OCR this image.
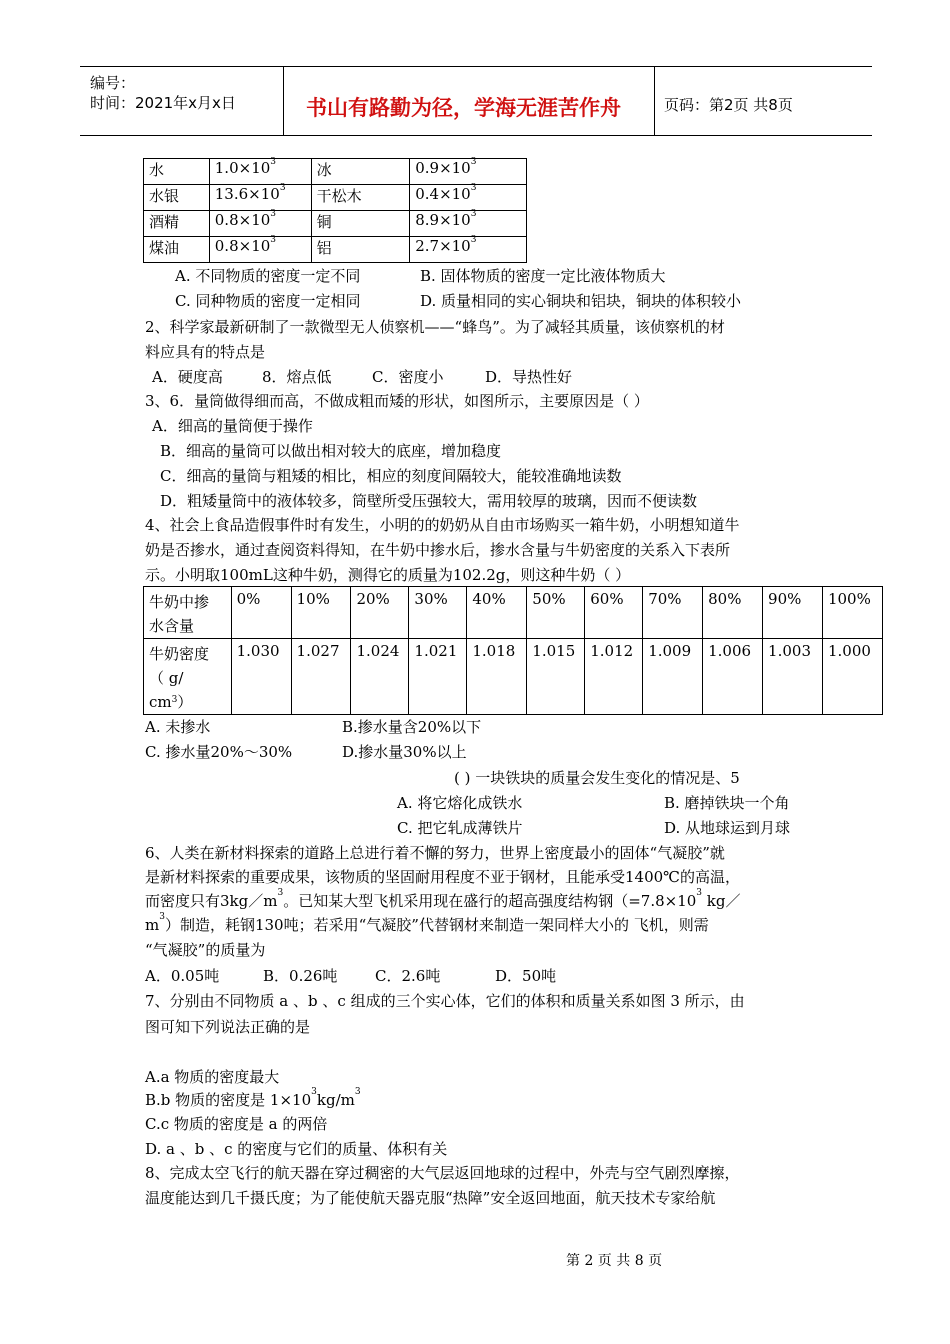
编号：
时间：2021年x月x日	书山有路勤为径，学海无涯苦作舟	页码：第2页 共8页
水	$1.0\times 10^3$	冰	$0.9\times 10^3$
水银	$13.6\times 10^3$	干松木	$0.4\times 10^3$
酒精	$0.8\times 10^3$	铜	$8.9\times 10^3$
煤油	$0.8\times 10^3$	铝	$2.7\times 10^3$
A. 不同物质的密度一定不同	B. 固体物质的密度一定比液体物质大
C. 同种物质的密度一定相同	D. 质量相同的实心铜块和铝块，铜块的体积较小
2、科学家最新研制了一款微型无人侦察机——“蜂鸟”。为了减轻其质量，该侦察机的材
料应具有的特点是
A．硬度高	8．熔点低	C．密度小	D．导热性好
3、6．量筒做得细而高，不做成粗而矮的形状，如图所示，主要原因是（ ）
A．细高的量筒便于操作
B．细高的量筒可以做出相对较大的底座，增加稳度
C．细高的量筒与粗矮的相比，相应的刻度间隔较大，能较准确地读数
D．粗矮量筒中的液体较多，筒壁所受压强较大，需用较厚的玻璃，因而不便读数
4、社会上食品造假事件时有发生，小明的的奶奶从自由市场购买一箱牛奶，小明想知道牛
奶是否掺水，通过查阅资料得知，在牛奶中掺水后，掺水含量与牛奶密度的关系入下表所
示。小明取100mL这种牛奶，测得它的质量为102.2g，则这种牛奶（ ）
牛奶中掺
水含量	0%	10%	20%	30%	40%	50%	60%	70%	80%	90%	100%

牛奶密度
（ g/
$cm^3$）	1.030	1.027	1.024	1.021	1.018	1.015	1.012	1.009	1.006	1.003	1.000
A. 未掺水	B.掺水量含20%以下
C. 掺水量20%～30%	D.掺水量30%以上
( ) 一块铁块的质量会发生变化的情况是、5
A. 将它熔化成铁水	B. 磨掉铁块一个角
C. 把它轧成薄铁片	D. 从地球运到月球
6、人类在新材料探索的道路上总进行着不懈的努力，世界上密度最小的固体“气凝胶”就
是新材料探索的重要成果，该物质的坚固耐用程度不亚于钢材，且能承受1400℃的高温，
而密度只有$3kg/m^3$。已知某大型飞机采用现在盛行的超高强度结构钢（$=7.8\times 10^3$ kg／
$m^3$）制造，耗钢130吨；若采用“气凝胶”代替钢材来制造一架同样大小的 飞机，则需
“气凝胶”的质量为
A．0.05吨	B．0.26吨	C．2.6吨	D．50吨
7、分别由不同物质 a 、b 、c 组成的三个实心体，它们的体积和质量关系如图 3 所示，由
图可知下列说法正确的是
A.a 物质的密度最大
B.b 物质的密度是 $1\times 10^3kg/m^3$
C.c 物质的密度是 a 的两倍
D. a 、b 、c 的密度与它们的质量、体积有关
8、完成太空飞行的航天器在穿过稠密的大气层返回地球的过程中，外壳与空气剧烈摩擦，
温度能达到几千摄氏度；为了能使航天器克服“热障”安全返回地面，航天技术专家给航
第 2 页 共 8 页
